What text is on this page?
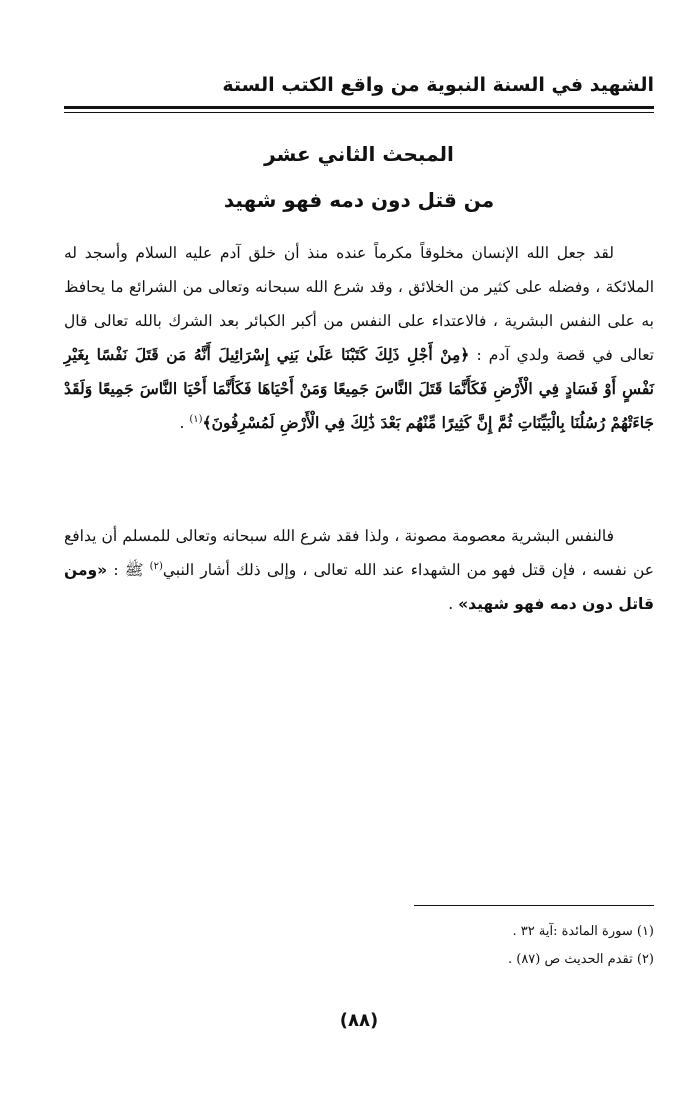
الشهيد في السنة النبوية من واقع الكتب الستة
المبحث الثاني عشر
من قتل دون دمه فهو شهيد

لقد جعل الله الإنسان مخلوقاً مكرماً عنده منذ أن خلق آدم عليه السلام وأسجد له الملائكة ، وفضله على كثير من الخلائق ، وقد شرع الله سبحانه وتعالى من الشرائع ما يحافظ به على النفس البشرية ، فالاعتداء على النفس من أكبر الكبائر بعد الشرك بالله تعالى قال تعالى في قصة ولدي آدم : ﴿مِنْ أَجْلِ ذَلِكَ كَتَبْنَا عَلَىٰ بَنِي إِسْرَائِيلَ أَنَّهُ مَن قَتَلَ نَفْسًا بِغَيْرِ نَفْسٍ أَوْ فَسَادٍ فِي الْأَرْضِ فَكَأَنَّمَا قَتَلَ النَّاسَ جَمِيعًا وَمَنْ أَحْيَاهَا فَكَأَنَّمَا أَحْيَا النَّاسَ جَمِيعًا وَلَقَدْ جَاءَتْهُمْ رُسُلُنَا بِالْبَيِّنَاتِ ثُمَّ إِنَّ كَثِيرًا مِّنْهُم بَعْدَ ذَٰلِكَ فِي الْأَرْضِ لَمُسْرِفُونَ﴾$^{(١)}$ .

فالنفس البشرية معصومة مصونة ، ولذا فقد شرع الله سبحانه وتعالى للمسلم أن يدافع عن نفسه ، فإن قتل فهو من الشهداء عند الله تعالى ، وإلى ذلك أشار النبي$^{(٢)}$ ﷺ : «ومن قاتل دون دمه فهو شهيد» .

(١) سورة المائدة :آية ٣٢ .
(٢) تقدم الحديث ص (٨٧) .
(٨٨)
